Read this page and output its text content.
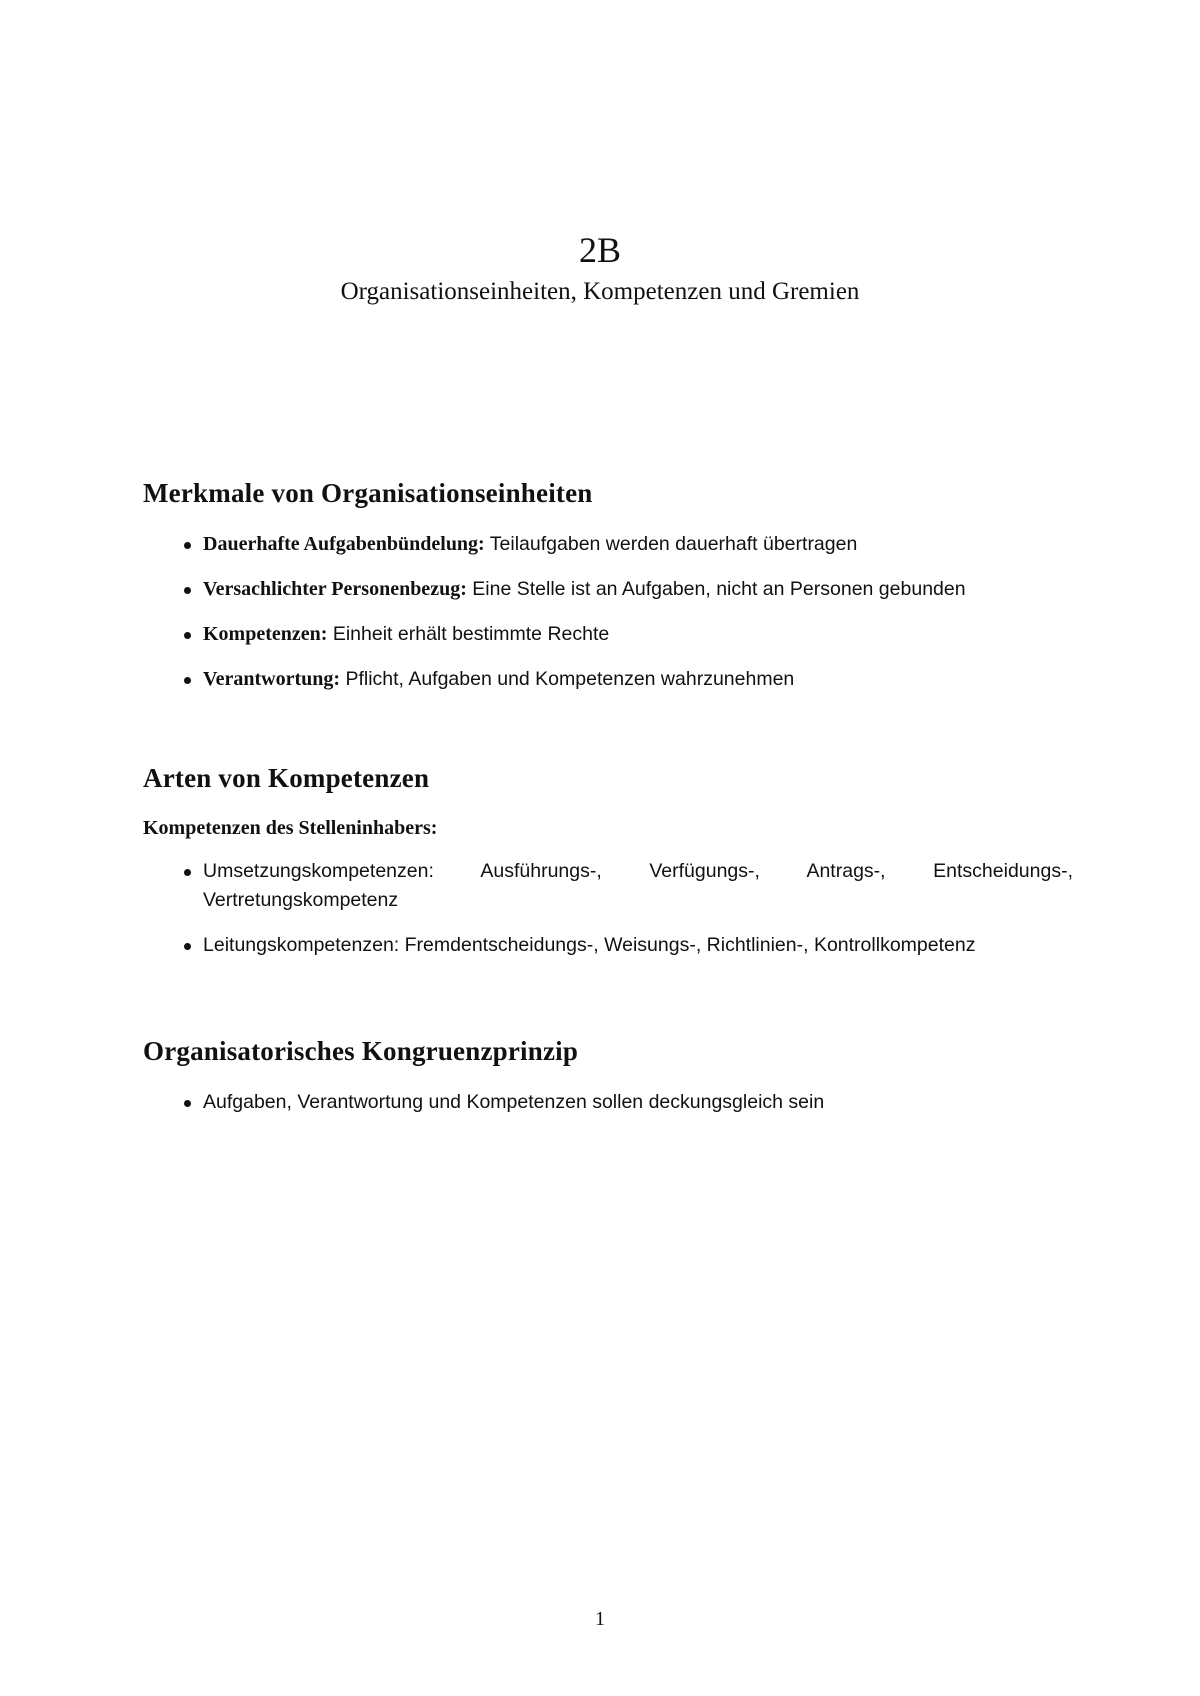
2B

Organisationseinheiten, Kompetenzen und Gremien

Merkmale von Organisationseinheiten
Dauerhafte Aufgabenbündelung: Teilaufgaben werden dauerhaft übertragen
Versachlichter Personenbezug: Eine Stelle ist an Aufgaben, nicht an Personen gebunden
Kompetenzen: Einheit erhält bestimmte Rechte
Verantwortung: Pflicht, Aufgaben und Kompetenzen wahrzunehmen
Arten von Kompetenzen
Kompetenzen des Stelleninhabers:
Umsetzungskompetenzen: Ausführungs-, Verfügungs-, Antrags-, Entscheidungs-, Vertretungskompetenz
Leitungskompetenzen: Fremdentscheidungs-, Weisungs-, Richtlinien-, Kontrollkompetenz
Organisatorisches Kongruenzprinzip
Aufgaben, Verantwortung und Kompetenzen sollen deckungsgleich sein
1
